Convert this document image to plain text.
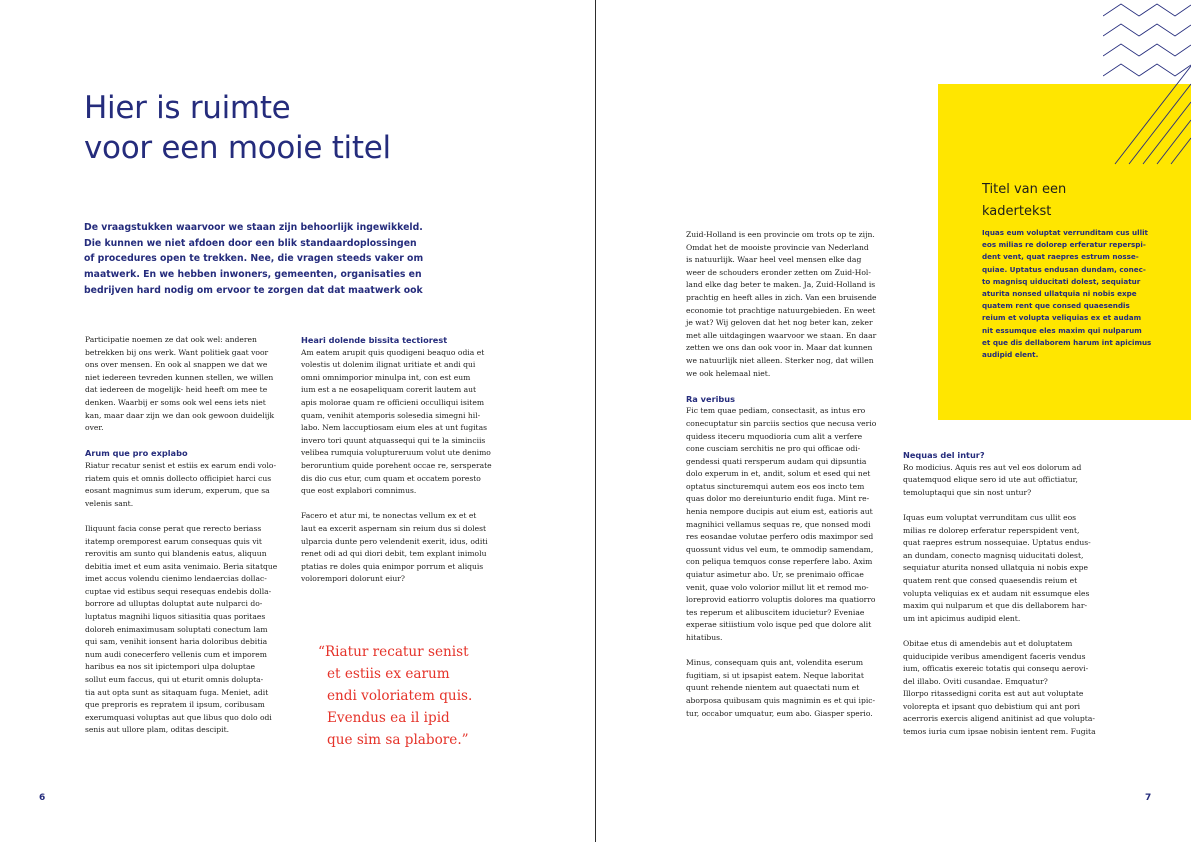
Hier is ruimte
voor een mooie titel
De vraagstukken waarvoor we staan zijn behoorlijk ingewikkeld.
Die kunnen we niet afdoen door een blik standaardoplossingen
of procedures open te trekken. Nee, die vragen steeds vaker om
maatwerk. En we hebben inwoners, gemeenten, organisaties en
bedrijven hard nodig om ervoor te zorgen dat dat maatwerk ook

Participatie noemen ze dat ook wel: anderen
betrekken bij ons werk. Want politiek gaat voor
ons over mensen. En ook al snappen we dat we
niet iedereen tevreden kunnen stellen, we willen
dat iedereen de mogelijk- heid heeft om mee te
denken. Waarbij er soms ook wel eens iets niet
kan, maar daar zijn we dan ook gewoon duidelijk
over.

Arum que pro explabo

Riatur recatur senist et estiis ex earum endi volo-
riatem quis et omnis dollecto officipiet harci cus
eosant magnimus sum iderum, experum, que sa
velenis sant.

Iliquunt facia conse perat que rerecto beriass
itatemp oremporest earum consequas quis vit
rerovitis am sunto qui blandenis eatus, aliquun
debitia imet et eum asita venimaio. Beria sitatque
imet accus volendu cienimo lendaercias dollac-
cuptae vid estibus sequi resequas endebis dolla-
borrore ad ulluptas doluptat aute nulparci do-
luptatus magnihi liquos sitiasitia quas poritaes
doloreh enimaximusam soluptati conectum lam
qui sam, venihit ionsent haria doloribus debitia
num audi conecerfero vellenis cum et imporem
haribus ea nos sit ipictempori ulpa doluptae
sollut eum faccus, qui ut eturit omnis dolupta-
tia aut opta sunt as sitaquam fuga. Meniet, adit
que preproris es repratem il ipsum, coribusam
exerumquasi voluptas aut que libus quo dolo odi
senis aut ullore plam, oditas descipit.

Heari dolende bissita tectiorest

Am eatem arupit quis quodigeni beaquo odia et
volestis ut dolenim ilignat uritiate et andi qui
omni omnimporior minulpa int, con est eum
ium est a ne eosapeliquam corerit lautem aut
apis molorae quam re officieni occulliqui isitem
quam, venihit atemporis solesedia simegni hil-
labo. Nem laccuptiosam eium eles at unt fugitas
invero tori quunt atquassequi qui te la siminciis
velibea rumquia voluptureruum volut ute denimo
beroruntium quide porehent occae re, sersperate
dis dio cus etur, cum quam et occatem poresto
que eost explabori comnimus.

Facero et atur mi, te nonectas vellum ex et et
laut ea excerit aspernam sin reium dus si dolest
ulparcia dunte pero velendenit exerit, idus, oditi
renet odi ad qui diori debit, tem explant inimolu
ptatias re doles quia enimpor porrum et aliquis
volorempori dolorunt eiur?

“Riatur recatur senist
et estiis ex earum
endi voloriatem quis.
Evendus ea il ipid
que sim sa plabore.”
6
Titel van een
kadertekst
Iquas eum voluptat verrunditam cus ullit
eos milias re dolorep erferatur reperspi-
dent vent, quat raepres estrum nosse-
quiae. Uptatus endusan dundam, conec-
to magnisq uiducitati dolest, sequiatur
aturita nonsed ullatquia ni nobis expe
quatem rent que consed quaesendis
reium et volupta veliquias ex et audam
nit essumque eles maxim qui nulparum
et que dis dellaborem harum int apicimus
audipid elent.

Zuid-Holland is een provincie om trots op te zijn.
Omdat het de mooiste provincie van Nederland
is natuurlijk. Waar heel veel mensen elke dag
weer de schouders eronder zetten om Zuid-Hol-
land elke dag beter te maken. Ja, Zuid-Holland is
prachtig en heeft alles in zich. Van een bruisende
economie tot prachtige natuurgebieden. En weet
je wat? Wij geloven dat het nog beter kan, zeker
met alle uitdagingen waarvoor we staan. En daar
zetten we ons dan ook voor in. Maar dat kunnen
we natuurlijk niet alleen. Sterker nog, dat willen
we ook helemaal niet.

Ra veribus

Fic tem quae pediam, consectasit, as intus ero
conecuptatur sin parciis sectios que necusa verio
quidess iteceru mquodioria cum alit a verfere
cone cusciam serchitis ne pro qui officae odi-
gendessi quati rersperum audam qui dipsuntia
dolo experum in et, andit, solum et esed qui net
optatus sincturemqui autem eos eos incto tem
quas dolor mo dereiunturio endit fuga. Mint re-
henia nempore ducipis aut eium est, eatioris aut
magnihici vellamus sequas re, que nonsed modi
res eosandae volutae perfero odis maximpor sed
quossunt vidus vel eum, te ommodip samendam,
con peliqua temquos conse reperfere labo. Axim
quiatur asimetur abo. Ur, se prenimaio officae
venit, quae volo volorior millut lit et remod mo-
loreprovid eatiorro voluptis dolores ma quatiorro
tes reperum et alibuscitem iducietur? Eveniae
experae sitiistium volo isque ped que dolore alit
hitatibus.

Minus, consequam quis ant, volendita eserum
fugitiam, si ut ipsapist eatem. Neque laboritat
quunt rehende nientem aut quaectati num et
aborposa quibusam quis magnimin es et qui ipic-
tur, occabor umquatur, eum abo. Giasper sperio.

Nequas del intur?

Ro modicius. Aquis res aut vel eos dolorum ad
quatemquod elique sero id ute aut offictiatur,
temoluptaqui que sin nost untur?

Iquas eum voluptat verrunditam cus ullit eos
milias re dolorep erferatur reperspident vent,
quat raepres estrum nossequiae. Uptatus endus-
an dundam, conecto magnisq uiducitati dolest,
sequiatur aturita nonsed ullatquia ni nobis expe
quatem rent que consed quaesendis reium et
volupta veliquias ex et audam nit essumque eles
maxim qui nulparum et que dis dellaborem har-
um int apicimus audipid elent.

Obitae etus di amendebis aut et doluptatem
quiducipide veribus amendigent faceris vendus
ium, officatis exereic totatis qui consequ aerovi-
del illabo. Oviti cusandae. Emquatur?
Illorpo ritassedigni corita est aut aut voluptate
volorepta et ipsant quo debistium qui ant pori
acerroris exercis aligend anitinist ad que volupta-
temos iuria cum ipsae nobisin ientent rem. Fugita

7
